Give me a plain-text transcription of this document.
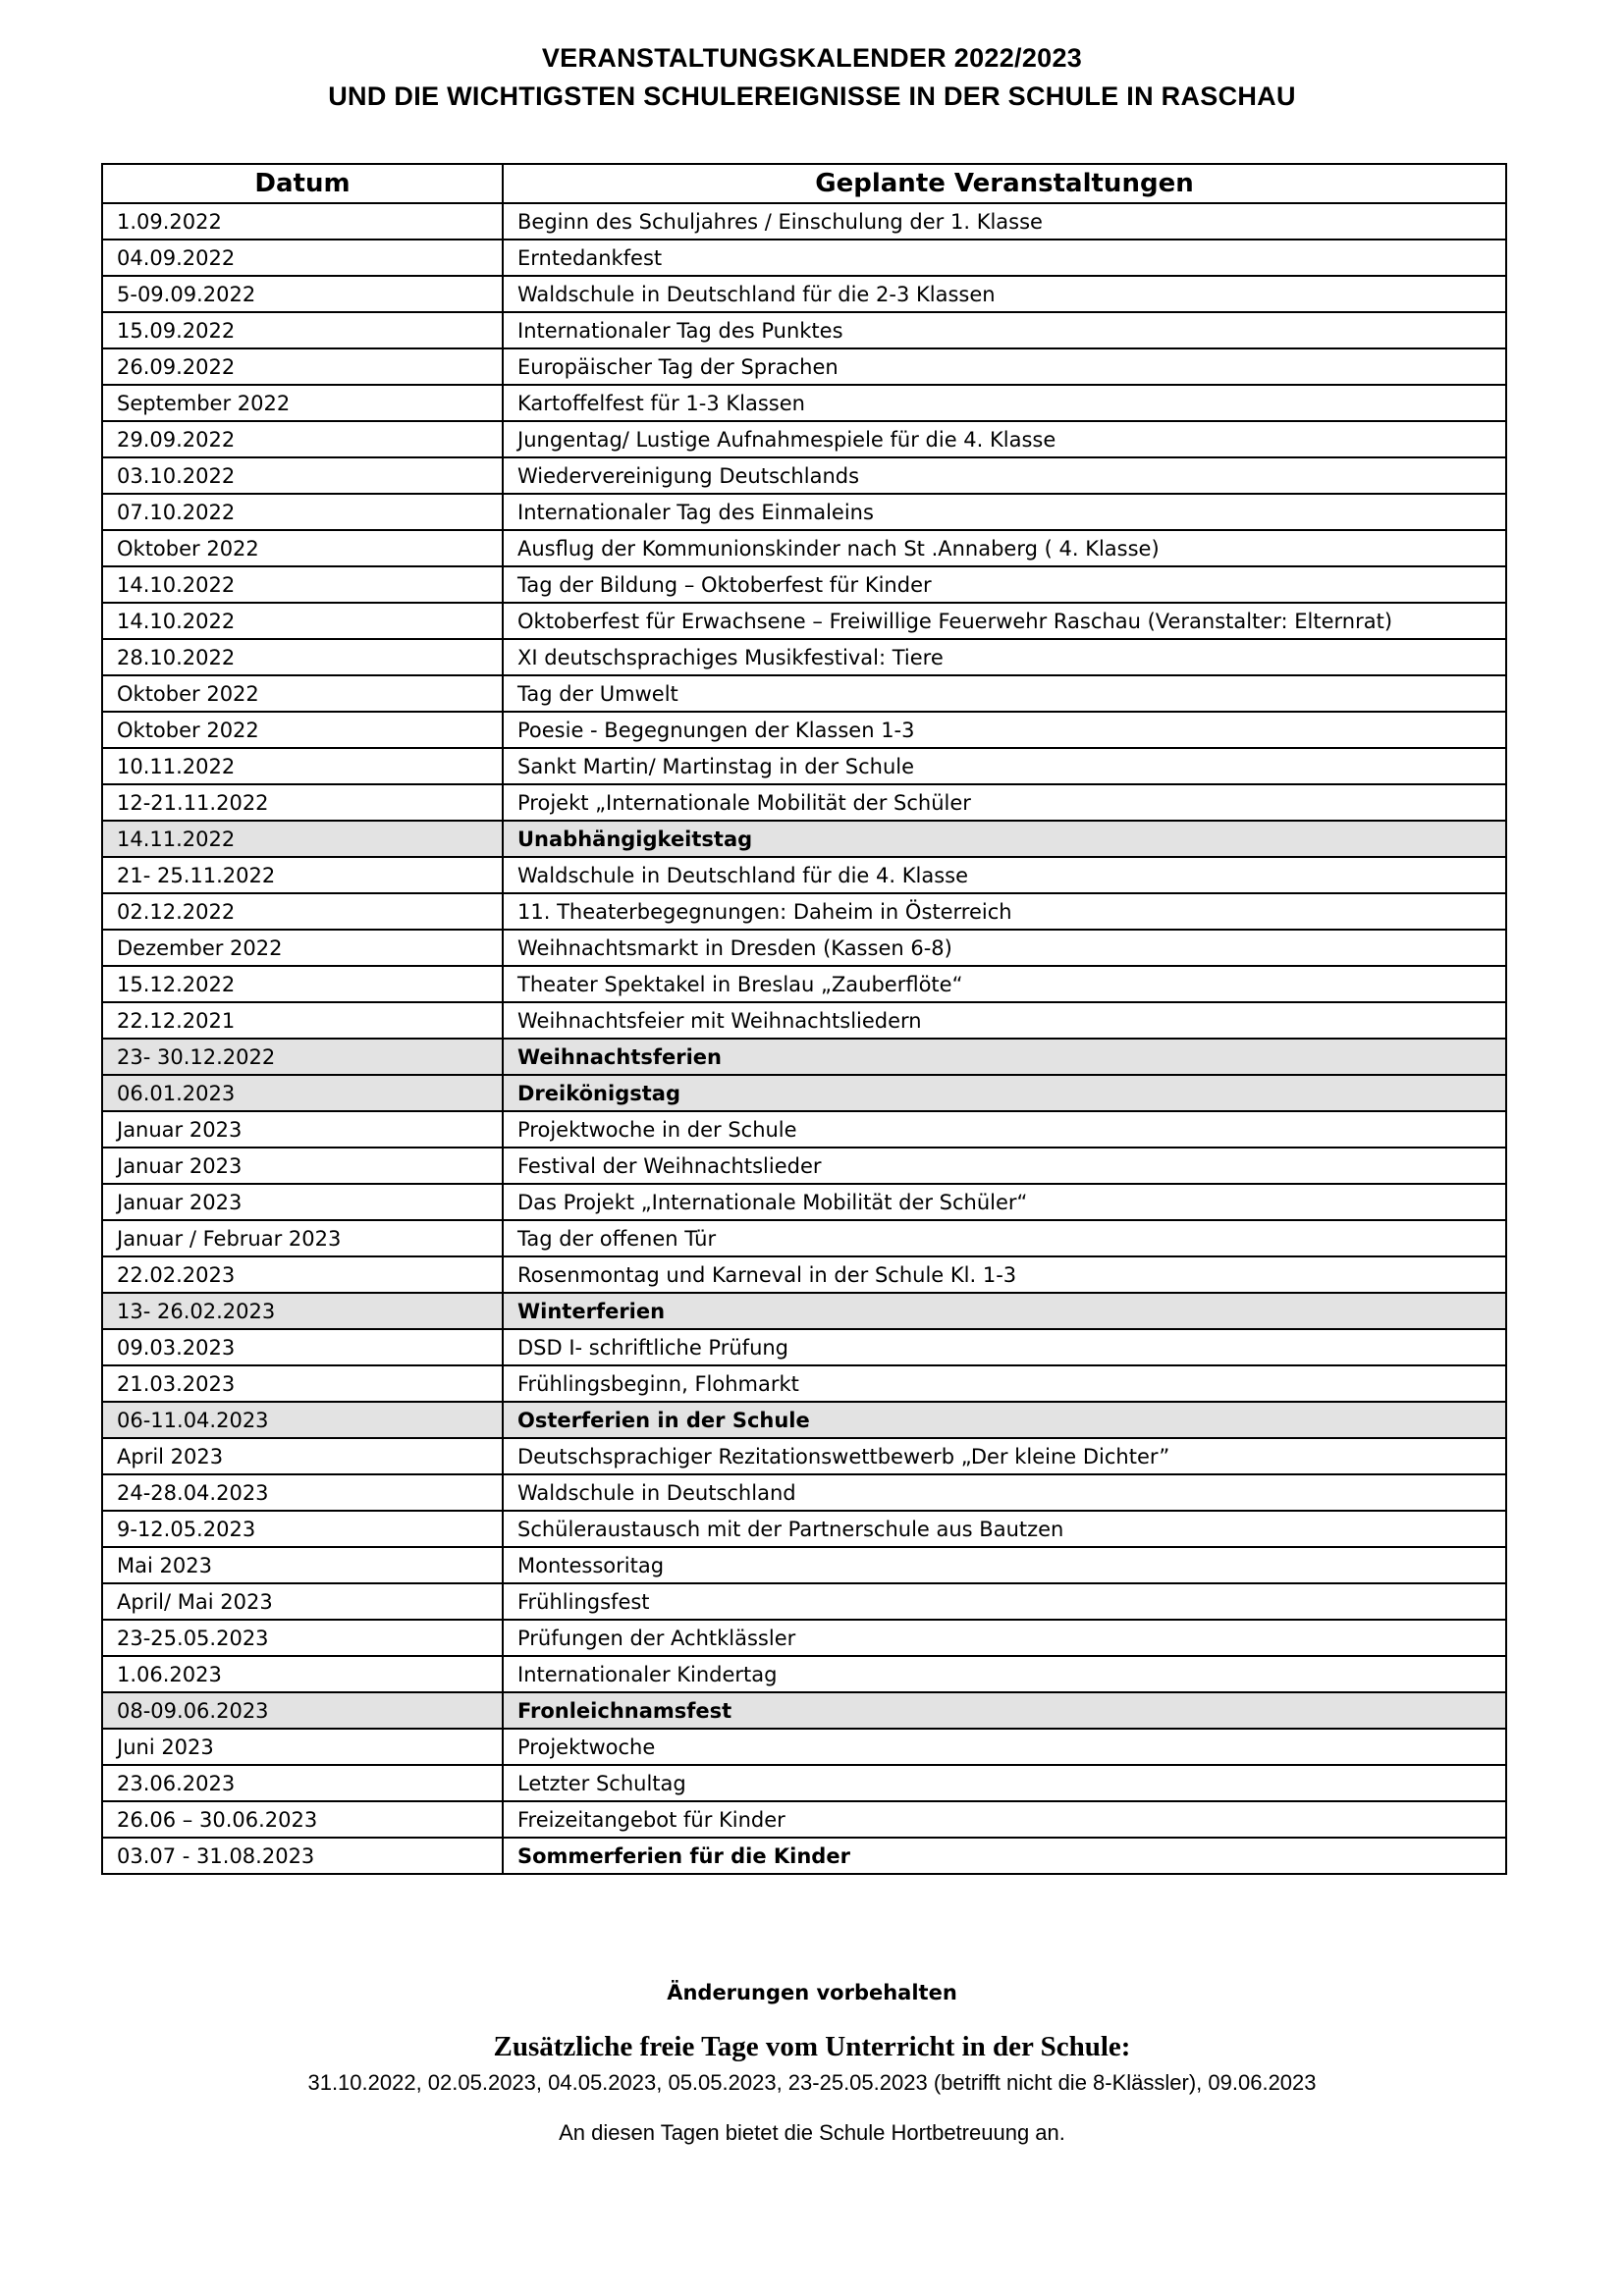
VERANSTALTUNGSKALENDER 2022/2023
UND DIE WICHTIGSTEN SCHULEREIGNISSE IN DER SCHULE IN RASCHAU
Datum	Geplante Veranstaltungen
1.09.2022	Beginn des Schuljahres / Einschulung der 1. Klasse
04.09.2022	Erntedankfest
5-09.09.2022	Waldschule in Deutschland für die 2-3 Klassen
15.09.2022	Internationaler Tag des Punktes
26.09.2022	Europäischer Tag der Sprachen
September 2022	Kartoffelfest für 1-3 Klassen
29.09.2022	Jungentag/ Lustige Aufnahmespiele für die 4. Klasse
03.10.2022	Wiedervereinigung Deutschlands
07.10.2022	Internationaler Tag des Einmaleins
Oktober 2022	Ausflug der Kommunionskinder nach St .Annaberg ( 4. Klasse)
14.10.2022	Tag der Bildung – Oktoberfest für Kinder
14.10.2022	Oktoberfest für Erwachsene – Freiwillige Feuerwehr Raschau (Veranstalter: Elternrat)
28.10.2022	XI deutschsprachiges Musikfestival: Tiere
Oktober 2022	Tag der Umwelt
Oktober 2022	Poesie - Begegnungen der Klassen 1-3
10.11.2022	Sankt Martin/ Martinstag in der Schule
12-21.11.2022	Projekt „Internationale Mobilität der Schüler
14.11.2022	Unabhängigkeitstag
21- 25.11.2022	Waldschule in Deutschland für die 4. Klasse
02.12.2022	11. Theaterbegegnungen: Daheim in Österreich
Dezember 2022	Weihnachtsmarkt in Dresden (Kassen 6-8)
15.12.2022	Theater Spektakel in Breslau „Zauberflöte“
22.12.2021	Weihnachtsfeier mit Weihnachtsliedern
23- 30.12.2022	Weihnachtsferien
06.01.2023	Dreikönigstag
Januar 2023	Projektwoche in der Schule
Januar 2023	Festival der Weihnachtslieder
Januar 2023	Das Projekt „Internationale Mobilität der Schüler“
Januar / Februar 2023	Tag der offenen Tür
22.02.2023	Rosenmontag und Karneval in der Schule Kl. 1-3
13- 26.02.2023	Winterferien
09.03.2023	DSD I- schriftliche Prüfung
21.03.2023	Frühlingsbeginn, Flohmarkt
06-11.04.2023	Osterferien in der Schule
April 2023	Deutschsprachiger Rezitationswettbewerb „Der kleine Dichter”
24-28.04.2023	Waldschule in Deutschland
9-12.05.2023	Schüleraustausch mit der Partnerschule aus Bautzen
Mai 2023	Montessoritag
April/ Mai 2023	Frühlingsfest
23-25.05.2023	Prüfungen der Achtklässler
1.06.2023	Internationaler Kindertag
08-09.06.2023	Fronleichnamsfest
Juni 2023	Projektwoche
23.06.2023	Letzter Schultag
26.06 – 30.06.2023	Freizeitangebot für Kinder
03.07 - 31.08.2023	Sommerferien für die Kinder
Änderungen vorbehalten
Zusätzliche freie Tage vom Unterricht in der Schule:
31.10.2022, 02.05.2023, 04.05.2023, 05.05.2023, 23-25.05.2023 (betrifft nicht die 8-Klässler), 09.06.2023
An diesen Tagen bietet die Schule Hortbetreuung an.
